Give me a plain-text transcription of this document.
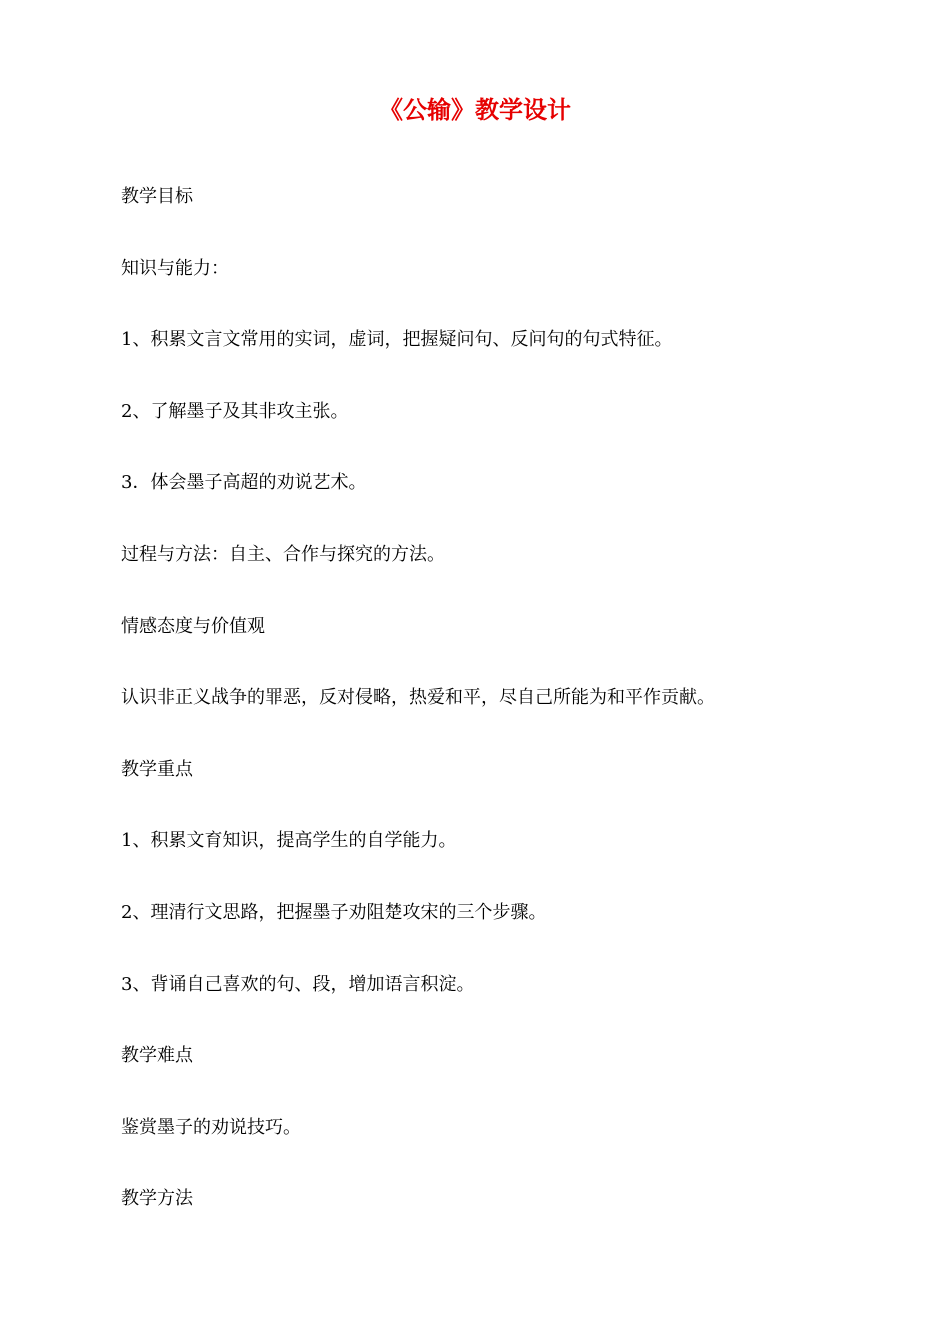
《公输》教学设计

教学目标

知识与能力：

1、积累文言文常用的实词，虚词，把握疑问句、反问句的句式特征。

2、了解墨子及其非攻主张。

3．体会墨子高超的劝说艺术。

过程与方法：自主、合作与探究的方法。

情感态度与价值观

认识非正义战争的罪恶，反对侵略，热爱和平，尽自己所能为和平作贡献。

教学重点

1、积累文育知识，提高学生的自学能力。

2、理清行文思路，把握墨子劝阻楚攻宋的三个步骤。

3、背诵自己喜欢的句、段，增加语言积淀。

教学难点

鉴赏墨子的劝说技巧。

教学方法
